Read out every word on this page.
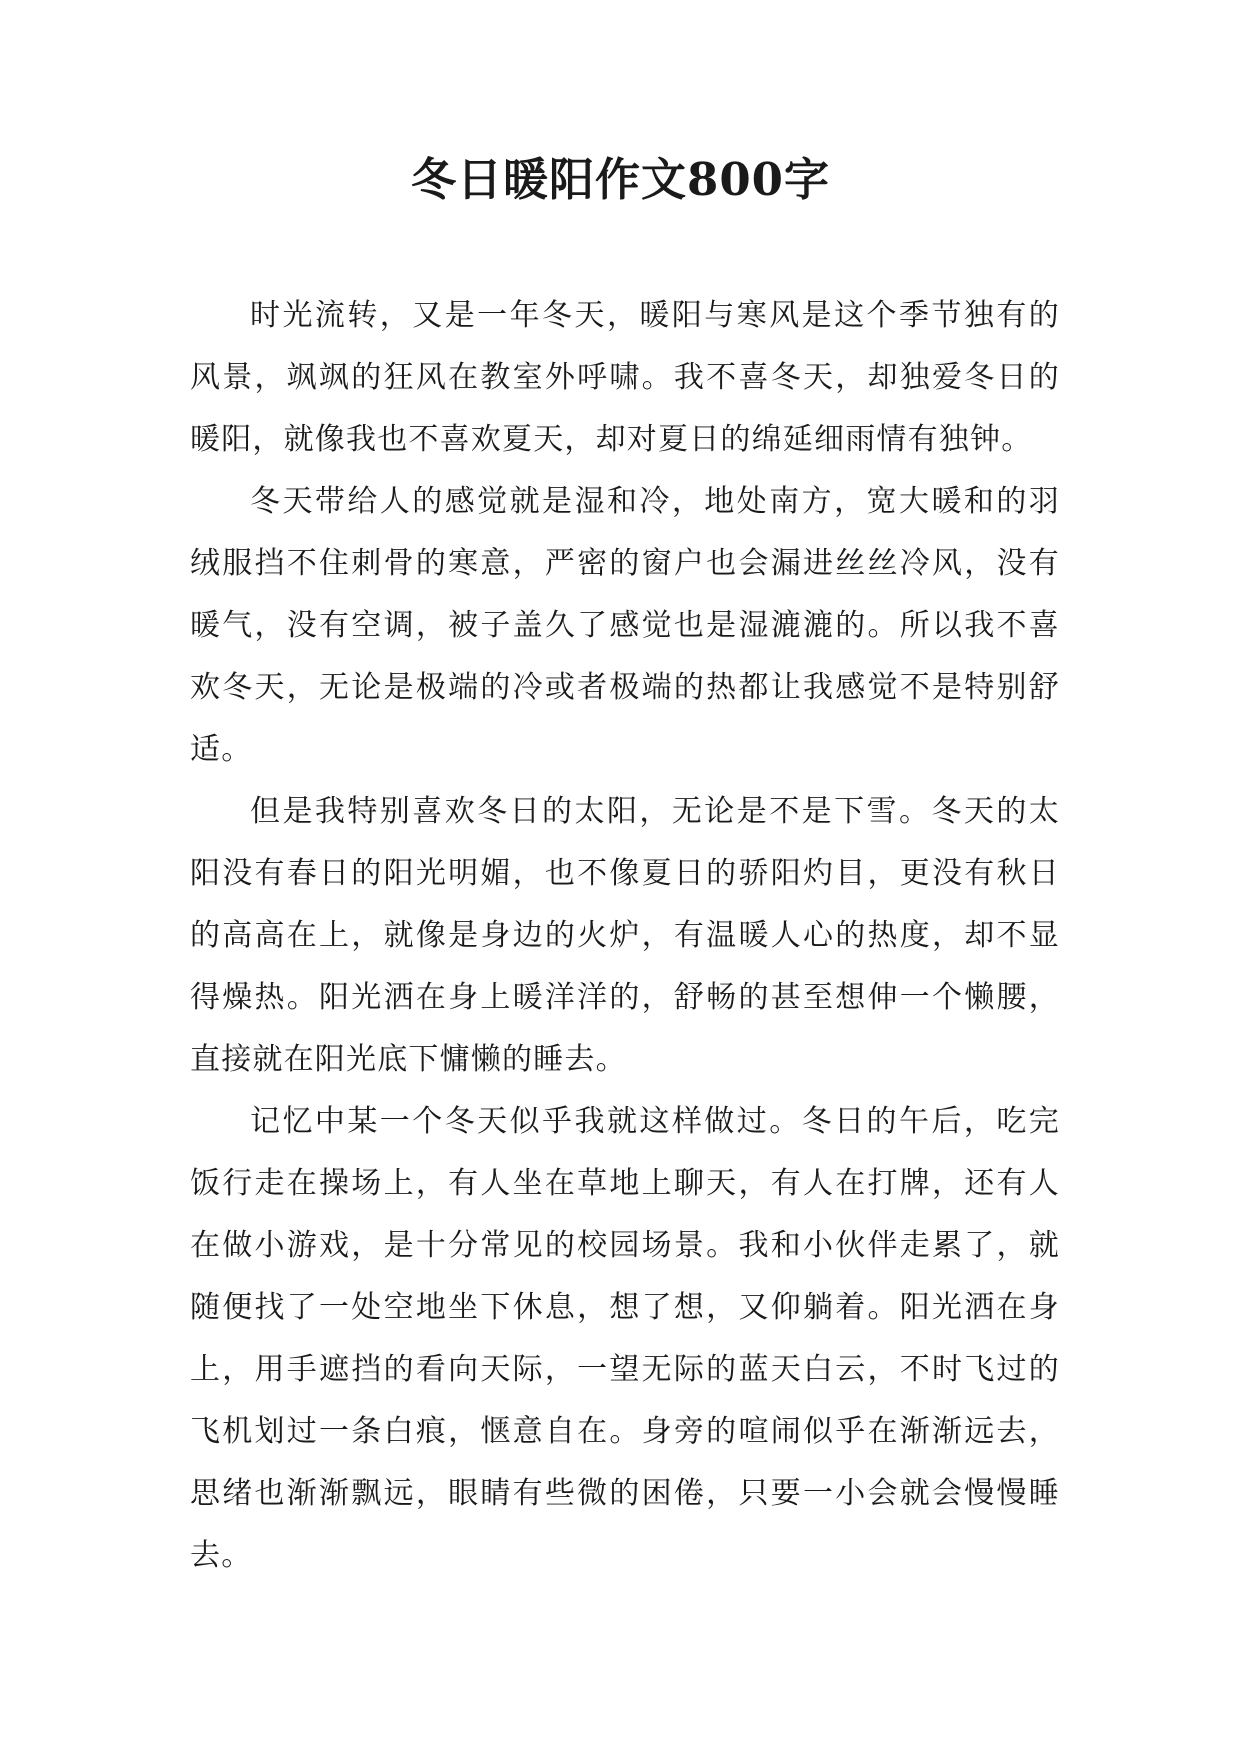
冬日暖阳作文800字

时光流转，又是一年冬天，暖阳与寒风是这个季节独有的风景，飒飒的狂风在教室外呼啸。我不喜冬天，却独爱冬日的暖阳，就像我也不喜欢夏天，却对夏日的绵延细雨情有独钟。

冬天带给人的感觉就是湿和冷，地处南方，宽大暖和的羽绒服挡不住刺骨的寒意，严密的窗户也会漏进丝丝冷风，没有暖气，没有空调，被子盖久了感觉也是湿漉漉的。所以我不喜欢冬天，无论是极端的冷或者极端的热都让我感觉不是特别舒适。

但是我特别喜欢冬日的太阳，无论是不是下雪。冬天的太阳没有春日的阳光明媚，也不像夏日的骄阳灼目，更没有秋日的高高在上，就像是身边的火炉，有温暖人心的热度，却不显得燥热。阳光洒在身上暖洋洋的，舒畅的甚至想伸一个懒腰，直接就在阳光底下慵懒的睡去。

记忆中某一个冬天似乎我就这样做过。冬日的午后，吃完饭行走在操场上，有人坐在草地上聊天，有人在打牌，还有人在做小游戏，是十分常见的校园场景。我和小伙伴走累了，就随便找了一处空地坐下休息，想了想，又仰躺着。阳光洒在身上，用手遮挡的看向天际，一望无际的蓝天白云，不时飞过的飞机划过一条白痕，惬意自在。身旁的喧闹似乎在渐渐远去，思绪也渐渐飘远，眼睛有些微的困倦，只要一小会就会慢慢睡去。
